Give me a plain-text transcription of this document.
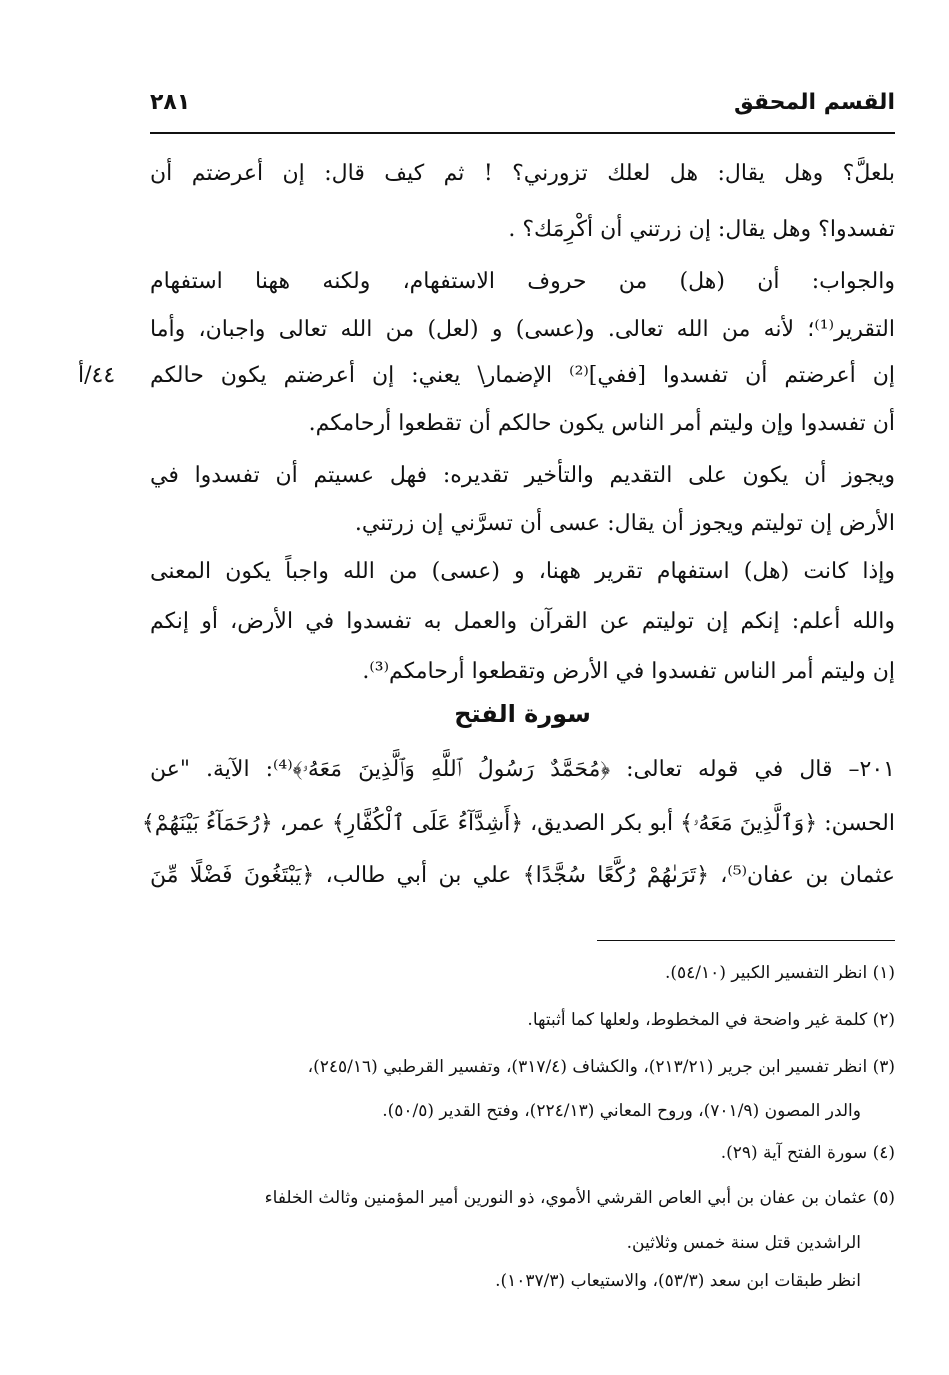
القسم المحقق
٢٨١
٤٤/أ
بلعلَّ؟ وهل يقال: هل لعلك تزورني؟ ! ثم كيف قال: إن أعرضتم أن
تفسدوا؟ وهل يقال: إن زرتني أن أكْرِمَك؟ .
والجواب: أن (هل) من حروف الاستفهام، ولكنه ههنا استفهام
التقرير⁽¹⁾؛ لأنه من الله تعالى. و(عسى) و (لعل) من الله تعالى واجبان، وأما
إن أعرضتم أن تفسدوا [ففي]⁽²⁾ الإضمار\ يعني: إن أعرضتم يكون حالكم
أن تفسدوا وإن وليتم أمر الناس يكون حالكم أن تقطعوا أرحامكم.
ويجوز أن يكون على التقديم والتأخير تقديره: فهل عسيتم أن تفسدوا في
الأرض إن توليتم ويجوز أن يقال: عسى أن تسرَّني إن زرتني.
وإذا كانت (هل) استفهام تقرير ههنا، و (عسى) من الله واجباً يكون المعنى
والله أعلم: إنكم إن توليتم عن القرآن والعمل به تفسدوا في الأرض، أو إنكم
إن وليتم أمر الناس تفسدوا في الأرض وتقطعوا أرحامكم⁽³⁾.
سورة الفتح
٢٠١– قال في قوله تعالى: ﴿مُحَمَّدٌ رَسُولُ ٱللَّهِ وَٱلَّذِينَ مَعَهُۥ﴾⁽⁴⁾: الآية. "عن
الحسن: ﴿وَٱلَّذِينَ مَعَهُۥ﴾ أبو بكر الصديق، ﴿أَشِدَّآءُ عَلَى ٱلْكُفَّارِ﴾ عمر، ﴿رُحَمَآءُ بَيْنَهُمْ﴾
عثمان بن عفان⁽⁵⁾، ﴿تَرَىٰهُمْ رُكَّعًا سُجَّدًا﴾ علي بن أبي طالب، ﴿يَبْتَغُونَ فَضْلًا مِّنَ
(١) انظر التفسير الكبير (٥٤/١٠).
(٢) كلمة غير واضحة في المخطوط، ولعلها كما أثبتها.
(٣) انظر تفسير ابن جرير (٢١٣/٢١)، والكشاف (٣١٧/٤)، وتفسير القرطبي (٢٤٥/١٦)،
والدر المصون (٧٠١/٩)، وروح المعاني (٢٢٤/١٣)، وفتح القدير (٥٠/٥).
(٤) سورة الفتح آية (٢٩).
(٥) عثمان بن عفان بن أبي العاص القرشي الأموي، ذو النورين أمير المؤمنين وثالث الخلفاء
الراشدين قتل سنة خمس وثلاثين.
انظر طبقات ابن سعد (٥٣/٣)، والاستيعاب (١٠٣٧/٣).
